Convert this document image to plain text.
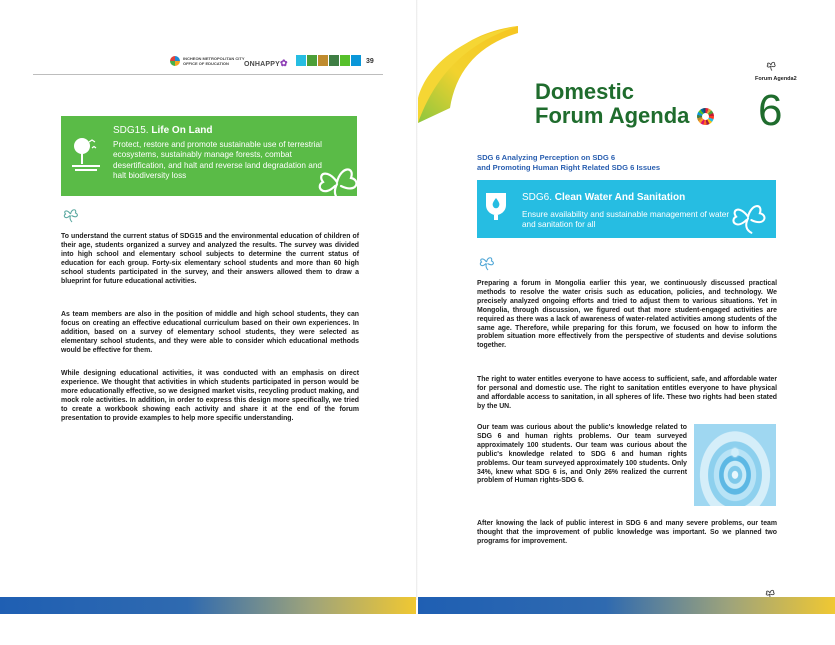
INCHEON METROPOLITAN CITY
OFFICE OF EDUCATION	ONHAPPY✿	39
SDG15. Life On Land
Protect, restore and promote sustainable use of terrestrial ecosystems, sustainably manage forests, combat desertification, and halt and reverse land degradation and halt biodiversity loss
To understand the current status of SDG15 and the environmental education of children of their age, students organized a survey and analyzed the results. The survey was divided into high school and elementary school subjects to determine the current status of education for each group. Forty-six elementary school students and more than 60 high school students participated in the survey, and their answers allowed them to draw a blueprint for future educational activities.
As team members are also in the position of middle and high school students, they can focus on creating an effective educational curriculum based on their own experiences. In addition, based on a survey of elementary school students, they were selected as elementary school students, and they were able to consider which educational methods would be effective for them.
While designing educational activities, it was conducted with an emphasis on direct experience. We thought that activities in which students participated in person would be more educationally effective, so we designed market visits, recycling product making, and mock role activities. In addition, in order to express this design more specifically, we tried to create a workbook showing each activity and share it at the end of the forum presentation to provide examples to help more specific understanding.
Domestic
Forum Agenda
Forum Agenda2
6
SDG 6 Analyzing Perception on SDG 6
and Promoting Human Right Related SDG 6 Issues
SDG6. Clean Water And Sanitation
Ensure availability and sustainable management of water and sanitation for all
Preparing a forum in Mongolia earlier this year, we continuously discussed practical methods to resolve the water crisis such as education, policies, and technology. We precisely analyzed ongoing efforts and tried to adjust them to various situations. Yet in Mongolia, through discussion, we figured out that more student-engaged activities are required as there was a lack of awareness of water-related activities among students of the same age. Therefore, while preparing for this forum, we focused on how to inform the problem situation more effectively from the perspective of students and devise solutions together.
The right to water entitles everyone to have access to sufficient, safe, and affordable water for personal and domestic use. The right to sanitation entitles everyone to have physical and affordable access to sanitation, in all spheres of life. These two rights had been stated by the UN.
Our team was curious about the public's knowledge related to SDG 6 and human rights problems. Our team surveyed approximately 100 students. Our team was curious about the public's knowledge related to SDG 6 and human rights problems. Our team surveyed approximately 100 students. Only 34%, knew what SDG 6 is, and Only 26% realized the current problem of Human rights-SDG 6.
After knowing the lack of public interest in SDG 6 and many severe problems, our team thought that the improvement of public knowledge was important. So we planned two programs for improvement.
